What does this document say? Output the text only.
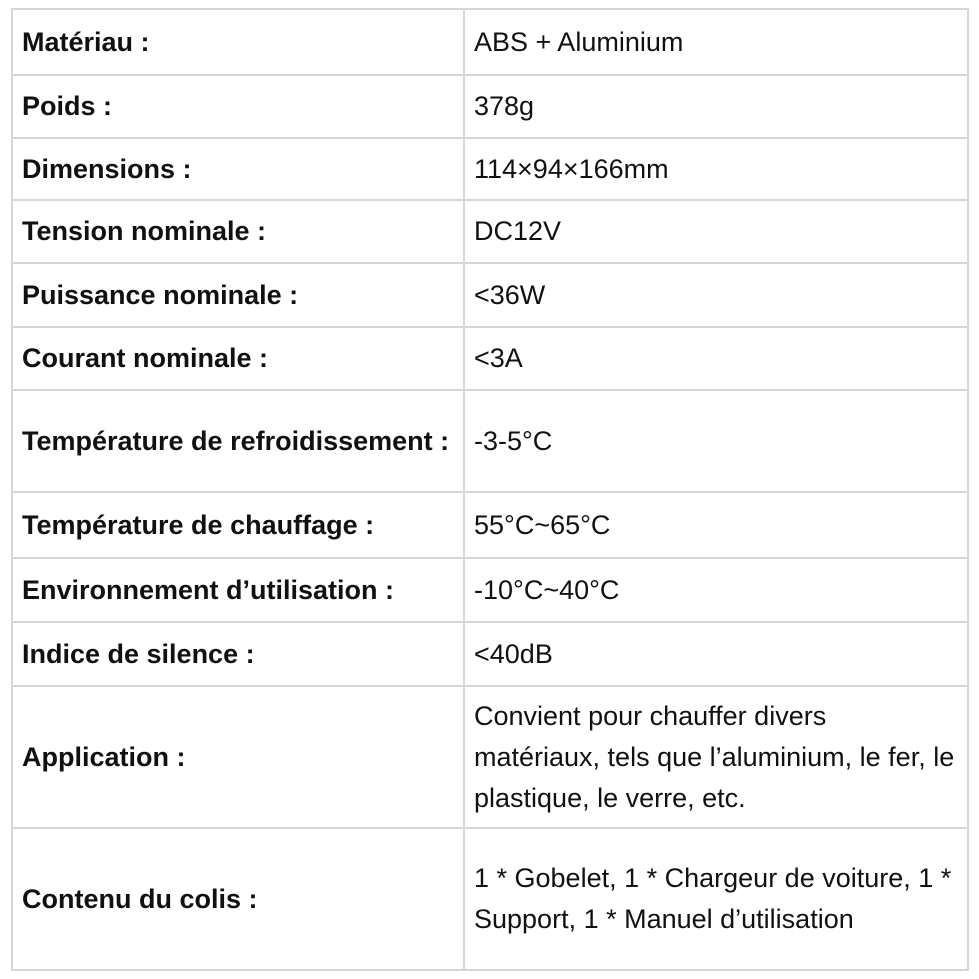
Matériau :	ABS + Aluminium
Poids :	378g
Dimensions :	114×94×166mm
Tension nominale :	DC12V
Puissance nominale :	<36W
Courant nominale :	<3A
Température de refroidissement :	-3-5°C
Température de chauffage :	55°C~65°C
Environnement d’utilisation :	-10°C~40°C
Indice de silence :	<40dB
Application :	Convient pour chauffer divers matériaux, tels que l’aluminium, le fer, le plastique, le verre, etc.
Contenu du colis :	1 * Gobelet, 1 * Chargeur de voiture, 1 * Support, 1 * Manuel d’utilisation
